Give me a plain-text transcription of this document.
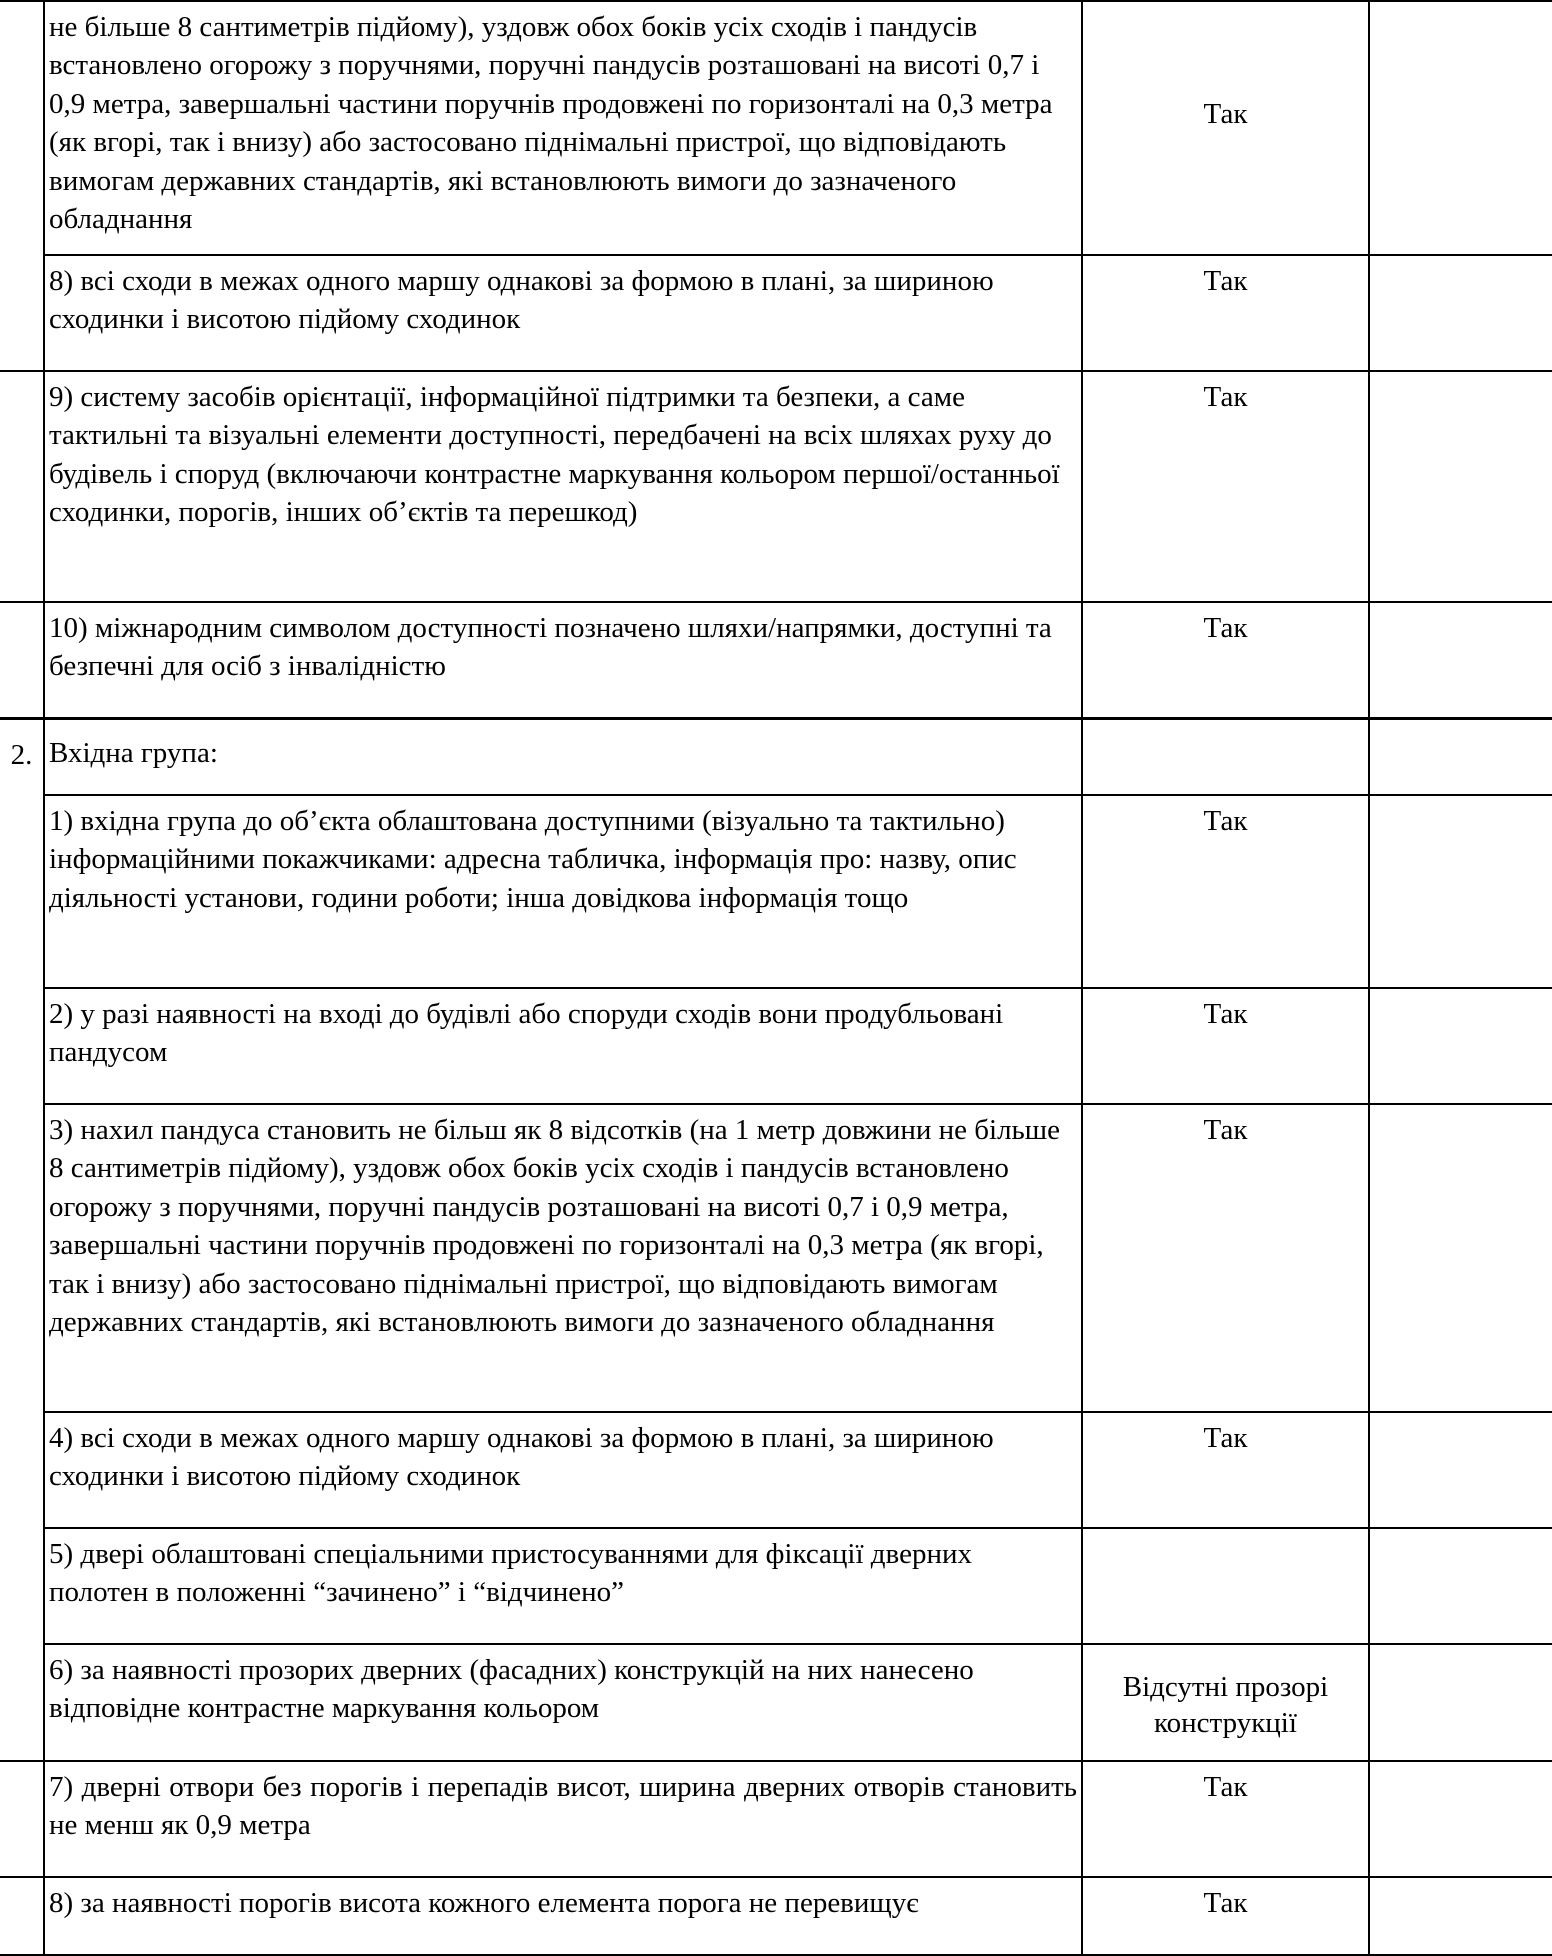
	не більше 8 сантиметрів підйому), уздовж обох боків усіх сходів і пандусів встановлено огорожу з поручнями, поручні пандусів розташовані на висоті 0,7 і 0,9 метра, завершальні частини поручнів продовжені по горизонталі на 0,3 метра (як вгорі, так і внизу) або застосовано піднімальні пристрої, що відповідають вимогам державних стандартів, які встановлюють вимоги до зазначеного обладнання	Так	
	8) всі сходи в межах одного маршу однакові за формою в плані, за шириною сходинки і висотою підйому сходинок	Так	
	9) систему засобів орієнтації, інформаційної підтримки та безпеки, а саме тактильні та візуальні елементи доступності, передбачені на всіх шляхах руху до будівель і споруд (включаючи контрастне маркування кольором першої/останньої сходинки, порогів, інших об’єктів та перешкод)	Так	
	10) міжнародним символом доступності позначено шляхи/напрямки, доступні та безпечні для осіб з інвалідністю	Так	
2.	Вхідна група:		
	1) вхідна група до об’єкта облаштована доступними (візуально та тактильно) інформаційними покажчиками: адресна табличка, інформація про: назву, опис діяльності установи, години роботи; інша довідкова інформація тощо	Так	
	2) у разі наявності на вході до будівлі або споруди сходів вони продубльовані пандусом	Так	
	3) нахил пандуса становить не більш як 8 відсотків (на 1 метр довжини не більше 8 сантиметрів підйому), уздовж обох боків усіх сходів і пандусів встановлено огорожу з поручнями, поручні пандусів розташовані на висоті 0,7 і 0,9 метра, завершальні частини поручнів продовжені по горизонталі на 0,3 метра (як вгорі, так і внизу) або застосовано піднімальні пристрої, що відповідають вимогам державних стандартів, які встановлюють вимоги до зазначеного обладнання	Так	
	4) всі сходи в межах одного маршу однакові за формою в плані, за шириною сходинки і висотою підйому сходинок	Так	
	5) двері облаштовані спеціальними пристосуваннями для фіксації дверних полотен в положенні “зачинено” і “відчинено”		
	6) за наявності прозорих дверних (фасадних) конструкцій на них нанесено відповідне контрастне маркування кольором	Відсутні прозорі конструкції	
	7) дверні отвори без порогів і перепадів висот, ширина дверних отворів становить не менш як 0,9 метра	Так	
	8) за наявності порогів висота кожного елемента порога не перевищує	Так	
